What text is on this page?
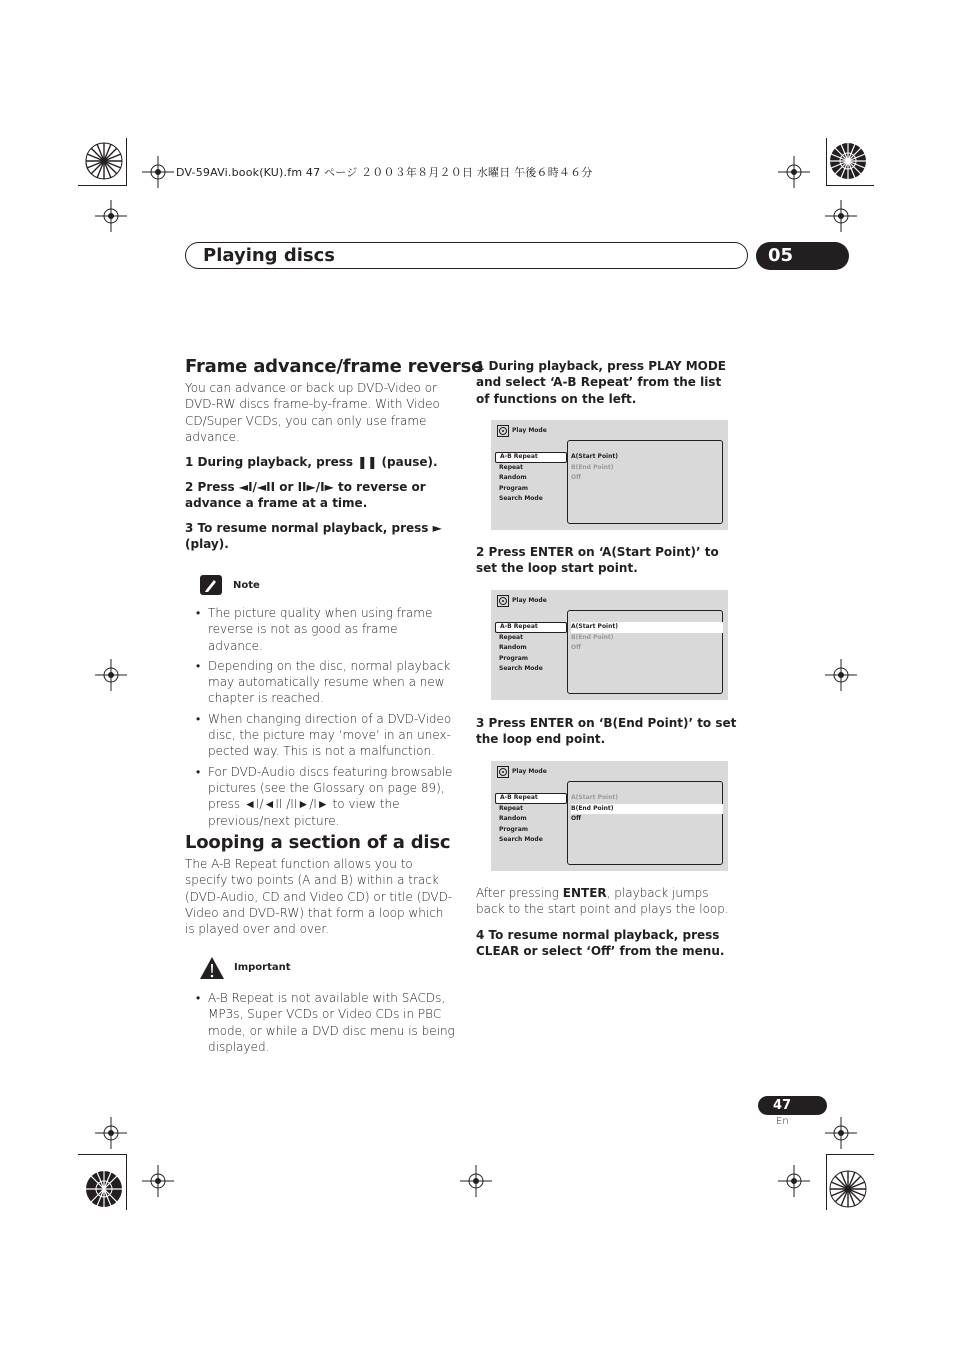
DV-59AVi.book(KU).fm 47 ページ ２００３年８月２０日 水曜日 午後６時４６分
Playing discs	05
Frame advance/frame reverse
You can advance or back up DVD-Video or DVD-RW discs frame-by-frame. With Video CD/Super VCDs, you can only use frame advance.
1 During playback, press ❚❚ (pause).
2 Press ◄I/◄II or II►/I► to reverse or advance a frame at a time.
3 To resume normal playback, press ► (play).
Note
• The picture quality when using frame reverse is not as good as frame advance.
• Depending on the disc, normal playback may automatically resume when a new chapter is reached.
• When changing direction of a DVD-Video disc, the picture may ‘move’ in an unex-pected way. This is not a malfunction.
• For DVD-Audio discs featuring browsable pictures (see the Glossary on page 89), press ◄I/◄II /II►/I► to view the previous/next picture.
Looping a section of a disc
The A-B Repeat function allows you to specify two points (A and B) within a track (DVD-Audio, CD and Video CD) or title (DVD-Video and DVD-RW) that form a loop which is played over and over.
Important
• A-B Repeat is not available with SACDs, MP3s, Super VCDs or Video CDs in PBC mode, or while a DVD disc menu is being displayed.
1 During playback, press PLAY MODE and select ‘A-B Repeat’ from the list of functions on the left.
Play Mode
A-B Repeat
Repeat
Random
Program
Search Mode
A(Start Point)
B(End Point)
Off
2 Press ENTER on ‘A(Start Point)’ to set the loop start point.
Play Mode
A-B Repeat
Repeat
Random
Program
Search Mode
A(Start Point)
B(End Point)
Off
3 Press ENTER on ‘B(End Point)’ to set the loop end point.
Play Mode
A-B Repeat
Repeat
Random
Program
Search Mode
A(Start Point)
B(End Point)
Off
After pressing ENTER, playback jumps back to the start point and plays the loop.
4 To resume normal playback, press CLEAR or select ‘Off’ from the menu.
47
En
